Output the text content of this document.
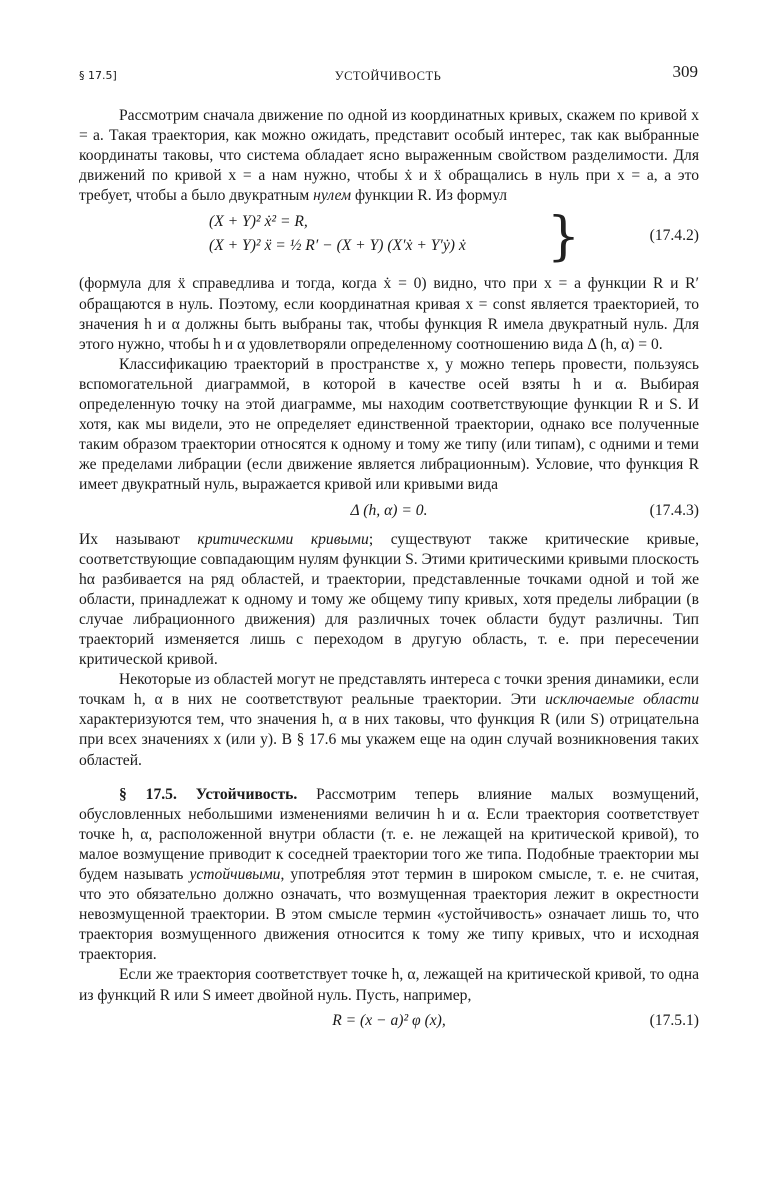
§ 17.5]	УСТОЙЧИВОСТЬ	309

Рассмотрим сначала движение по одной из координатных кривых, скажем по кривой x = a. Такая траектория, как можно ожидать, представит особый интерес, так как выбранные координаты таковы, что система обладает ясно выраженным свойством разделимости. Для движений по кривой x = a нам нужно, чтобы ẋ и ẍ обращались в нуль при x = a, а это требует, чтобы a было двукратным нулем функции R. Из формул

(X + Y)² ẋ² = R,
(X + Y)² ẍ = ½ R′ − (X + Y) (X′ẋ + Y′ẏ) ẋ }	(17.4.2)

(формула для ẍ справедлива и тогда, когда ẋ = 0) видно, что при x = a функции R и R′ обращаются в нуль. Поэтому, если координатная кривая x = const является траекторией, то значения h и α должны быть выбраны так, чтобы функция R имела двукратный нуль. Для этого нужно, чтобы h и α удовлетворяли определенному соотношению вида Δ (h, α) = 0.

Классификацию траекторий в пространстве x, y можно теперь провести, пользуясь вспомогательной диаграммой, в которой в качестве осей взяты h и α. Выбирая определенную точку на этой диаграмме, мы находим соответствующие функции R и S. И хотя, как мы видели, это не определяет единственной траектории, однако все полученные таким образом траектории относятся к одному и тому же типу (или типам), с одними и теми же пределами либрации (если движение является либрационным). Условие, что функция R имеет двукратный нуль, выражается кривой или кривыми вида

Δ (h, α) = 0.	(17.4.3)

Их называют критическими кривыми; существуют также критические кривые, соответствующие совпадающим нулям функции S. Этими критическими кривыми плоскость hα разбивается на ряд областей, и траектории, представленные точками одной и той же области, принадлежат к одному и тому же общему типу кривых, хотя пределы либрации (в случае либрационного движения) для различных точек области будут различны. Тип траекторий изменяется лишь с переходом в другую область, т. е. при пересечении критической кривой.

Некоторые из областей могут не представлять интереса с точки зрения динамики, если точкам h, α в них не соответствуют реальные траектории. Эти исключаемые области характеризуются тем, что значения h, α в них таковы, что функция R (или S) отрицательна при всех значениях x (или y). В § 17.6 мы укажем еще на один случай возникновения таких областей.

§ 17.5. Устойчивость. Рассмотрим теперь влияние малых возмущений, обусловленных небольшими изменениями величин h и α. Если траектория соответствует точке h, α, расположенной внутри области (т. е. не лежащей на критической кривой), то малое возмущение приводит к соседней траектории того же типа. Подобные траектории мы будем называть устойчивыми, употребляя этот термин в широком смысле, т. е. не считая, что это обязательно должно означать, что возмущенная траектория лежит в окрестности невозмущенной траектории. В этом смысле термин «устойчивость» означает лишь то, что траектория возмущенного движения относится к тому же типу кривых, что и исходная траектория.

Если же траектория соответствует точке h, α, лежащей на критической кривой, то одна из функций R или S имеет двойной нуль. Пусть, например,

R = (x − a)² φ (x),	(17.5.1)
